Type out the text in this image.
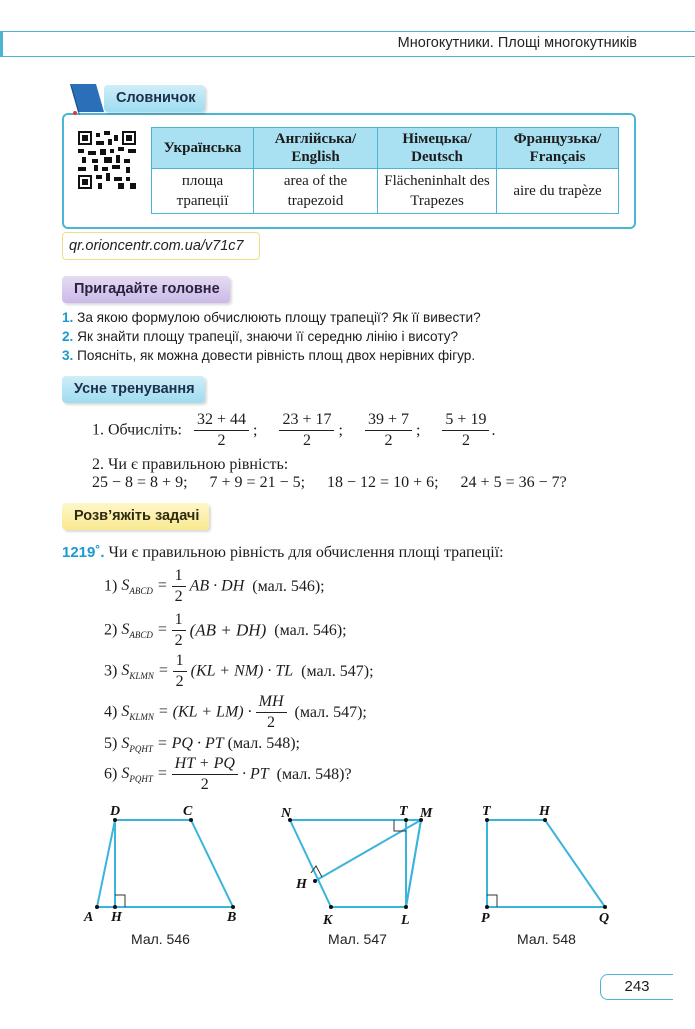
Многокутники. Площі многокутників
Словничок
Українська	Англійська/ English	Німецька/ Deutsch	Французька/ Français
площа трапеції	area of the trapezoid	Flächeninhalt des Trapezes	aire du trapèze
qr.orioncentr.com.ua/v71c7
Пригадайте головне
1. За якою формулою обчислюють площу трапеції? Як її вивести?
2. Як знайти площу трапеції, знаючи її середню лінію і висоту?
3. Поясніть, як можна довести рівність площ двох нерівних фігур.
Усне тренування
1. Обчисліть: $\frac{32 + 44}{2}$ ; $\frac{23 + 17}{2}$ ; $\frac{39 + 7}{2}$ ; $\frac{5 + 19}{2}$ .
2. Чи є правильною рівність:
25 − 8 = 8 + 9; 7 + 9 = 21 − 5; 18 − 12 = 10 + 6; 24 + 5 = 36 − 7?
Розв’яжіть задачі
1219˚. Чи є правильною рівність для обчислення площі трапеції:
1) $S_{ABCD} = \frac{1}{2}$ AB · DH (мал. 546);
2) $S_{ABCD} = \frac{1}{2} (AB + DH)$ (мал. 546);
3) $S_{KLMN} = \frac{1}{2} (KL + NM)$ · TL (мал. 547);
4) $S_{KLMN} = (KL + LM) \cdot \frac{MH}{2} (мал$. 547);
5) $S_{PQHT}$ = PQ · PT (мал. 548);
6) $S_{PQHT} = \frac{HT + PQ}{2}$ · PT (мал. 548)?
D	C
A H	B
N	T M
H
K	L
T	H
P	Q
Мал. 546	Мал. 547	Мал. 548
243
